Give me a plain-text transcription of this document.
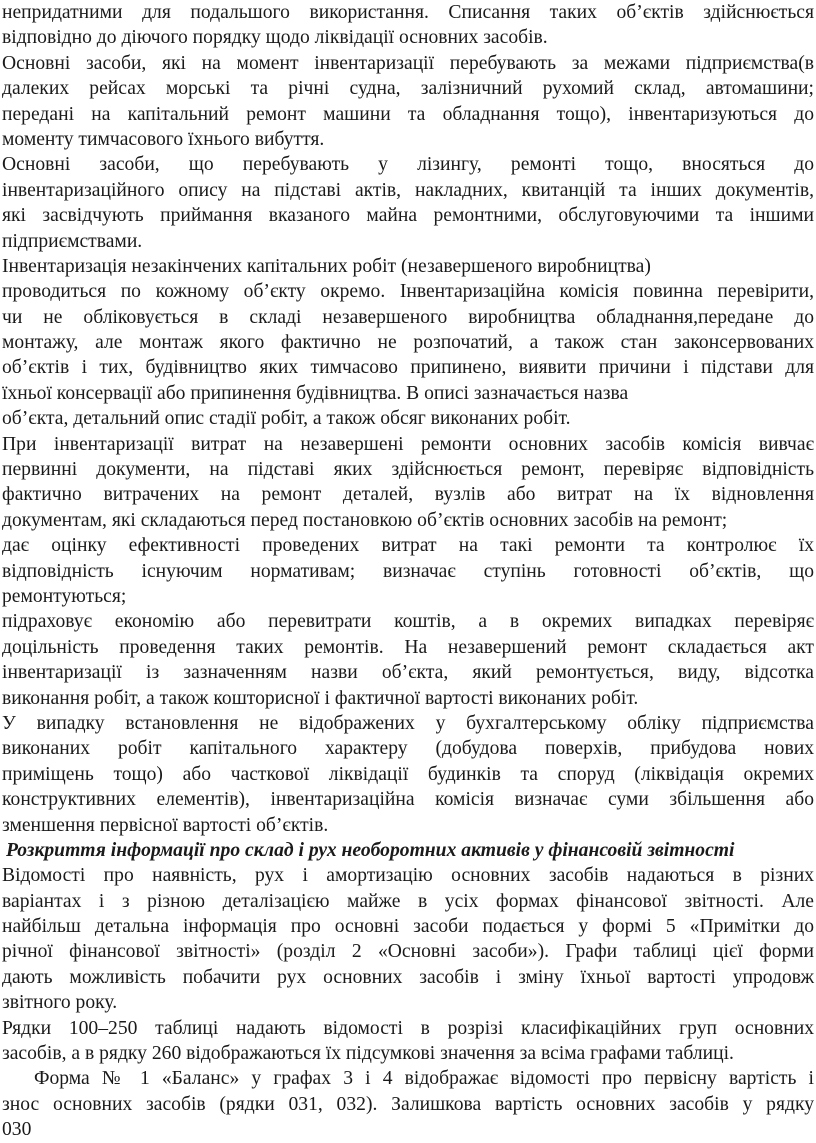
непридатними для подальшого використання. Списання таких об’єктів здійснюється
відповідно до діючого порядку щодо ліквідації основних засобів.
Основні засоби, які на момент інвентаризації перебувають за межами підприємства(в
далеких рейсах морські та річні судна, залізничний рухомий склад, автомашини;
передані на капітальний ремонт машини та обладнання тощо), інвентаризуються до
моменту тимчасового їхнього вибуття.
Основні засоби, що перебувають у лізингу, ремонті тощо, вносяться до
інвентаризаційного опису на підставі актів, накладних, квитанцій та інших документів,
які засвідчують приймання вказаного майна ремонтними, обслуговуючими та іншими
підприємствами.
Інвентаризація незакінчених капітальних робіт (незавершеного виробництва)
проводиться по кожному об’єкту окремо. Інвентаризаційна комісія повинна перевірити,
чи не обліковується в складі незавершеного виробництва обладнання,передане до
монтажу, але монтаж якого фактично не розпочатий, а також стан законсервованих
об’єктів і тих, будівництво яких тимчасово припинено, виявити причини і підстави для
їхньої консервації або припинення будівництва. В описі зазначається назва
об’єкта, детальний опис стадії робіт, а також обсяг виконаних робіт.
При інвентаризації витрат на незавершені ремонти основних засобів комісія вивчає
первинні документи, на підставі яких здійснюється ремонт, перевіряє відповідність
фактично витрачених на ремонт деталей, вузлів або витрат на їх відновлення
документам, які складаються перед постановкою об’єктів основних засобів на ремонт;
дає оцінку ефективності проведених витрат на такі ремонти та контролює їх
відповідність існуючим нормативам; визначає ступінь готовності об’єктів, що
ремонтуються;
підраховує економію або перевитрати коштів, а в окремих випадках перевіряє
доцільність проведення таких ремонтів. На незавершений ремонт складається акт
інвентаризації із зазначенням назви об’єкта, який ремонтується, виду, відсотка
виконання робіт, а також кошторисної і фактичної вартості виконаних робіт.
У випадку встановлення не відображених у бухгалтерському обліку підприємства
виконаних робіт капітального характеру (добудова поверхів, прибудова нових
приміщень тощо) або часткової ліквідації будинків та споруд (ліквідація окремих
конструктивних елементів), інвентаризаційна комісія визначає суми збільшення або
зменшення первісної вартості об’єктів.
Розкриття інформації про склад і рух необоротних активів у фінансовій звітності
Відомості про наявність, рух і амортизацію основних засобів надаються в різних
варіантах і з різною деталізацією майже в усіх формах фінансової звітності. Але
найбільш детальна інформація про основні засоби подається у формі 5 «Примітки до
річної фінансової звітності» (розділ 2 «Основні засоби»). Графи таблиці цієї форми
дають можливість побачити рух основних засобів і зміну їхньої вартості упродовж
звітного року.
Рядки 100–250 таблиці надають відомості в розрізі класифікаційних груп основних
засобів, а в рядку 260 відображаються їх підсумкові значення за всіма графами таблиці.
Форма № 1 «Баланс» у графах 3 і 4 відображає відомості про первісну вартість і
знос основних засобів (рядки 031, 032). Залишкова вартість основних засобів у рядку
030
